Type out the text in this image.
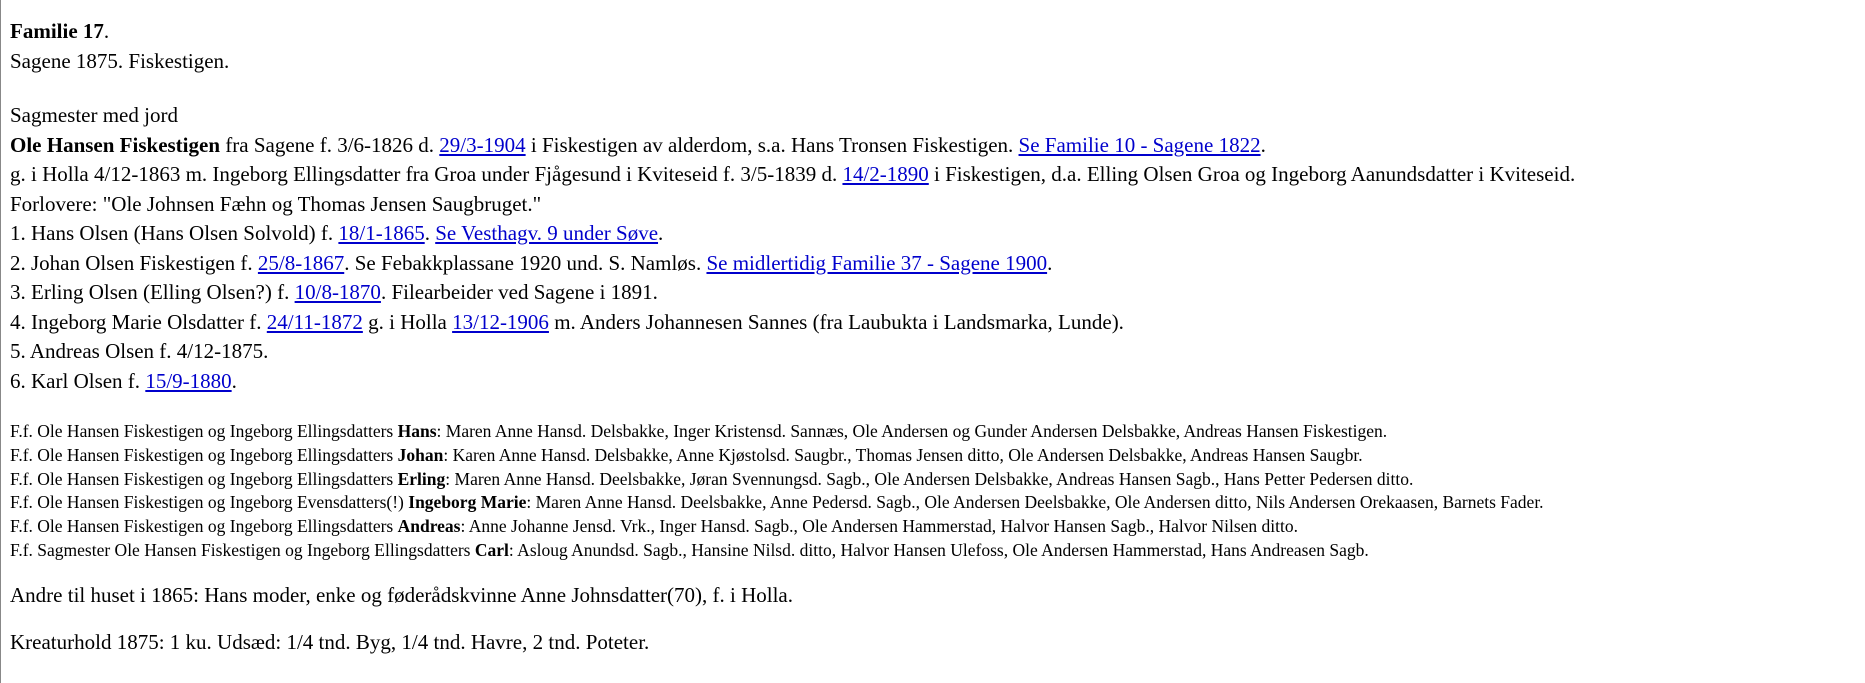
Familie 17.
Sagene 1875. Fiskestigen.
Sagmester med jord
Ole Hansen Fiskestigen fra Sagene f. 3/6-1826 d. 29/3-1904 i Fiskestigen av alderdom, s.a. Hans Tronsen Fiskestigen. Se Familie 10 - Sagene 1822.
g. i Holla 4/12-1863 m. Ingeborg Ellingsdatter fra Groa under Fjågesund i Kviteseid f. 3/5-1839 d. 14/2-1890 i Fiskestigen, d.a. Elling Olsen Groa og Ingeborg Aanundsdatter i Kviteseid.
Forlovere: "Ole Johnsen Fæhn og Thomas Jensen Saugbruget."
1. Hans Olsen (Hans Olsen Solvold) f. 18/1-1865. Se Vesthagv. 9 under Søve.
2. Johan Olsen Fiskestigen f. 25/8-1867. Se Febakkplassane 1920 und. S. Namløs. Se midlertidig Familie 37 - Sagene 1900.
3. Erling Olsen (Elling Olsen?) f. 10/8-1870. Filearbeider ved Sagene i 1891.
4. Ingeborg Marie Olsdatter f. 24/11-1872 g. i Holla 13/12-1906 m. Anders Johannesen Sannes (fra Laubukta i Landsmarka, Lunde).
5. Andreas Olsen f. 4/12-1875.
6. Karl Olsen f. 15/9-1880.
F.f. Ole Hansen Fiskestigen og Ingeborg Ellingsdatters Hans: Maren Anne Hansd. Delsbakke, Inger Kristensd. Sannæs, Ole Andersen og Gunder Andersen Delsbakke, Andreas Hansen Fiskestigen.
F.f. Ole Hansen Fiskestigen og Ingeborg Ellingsdatters Johan: Karen Anne Hansd. Delsbakke, Anne Kjøstolsd. Saugbr., Thomas Jensen ditto, Ole Andersen Delsbakke, Andreas Hansen Saugbr.
F.f. Ole Hansen Fiskestigen og Ingeborg Ellingsdatters Erling: Maren Anne Hansd. Deelsbakke, Jøran Svennungsd. Sagb., Ole Andersen Delsbakke, Andreas Hansen Sagb., Hans Petter Pedersen ditto.
F.f. Ole Hansen Fiskestigen og Ingeborg Evensdatters(!) Ingeborg Marie: Maren Anne Hansd. Deelsbakke, Anne Pedersd. Sagb., Ole Andersen Deelsbakke, Ole Andersen ditto, Nils Andersen Orekaasen, Barnets Fader.
F.f. Ole Hansen Fiskestigen og Ingeborg Ellingsdatters Andreas: Anne Johanne Jensd. Vrk., Inger Hansd. Sagb., Ole Andersen Hammerstad, Halvor Hansen Sagb., Halvor Nilsen ditto.
F.f. Sagmester Ole Hansen Fiskestigen og Ingeborg Ellingsdatters Carl: Asloug Anundsd. Sagb., Hansine Nilsd. ditto, Halvor Hansen Ulefoss, Ole Andersen Hammerstad, Hans Andreasen Sagb.
Andre til huset i 1865: Hans moder, enke og føderådskvinne Anne Johnsdatter(70), f. i Holla.
Kreaturhold 1875: 1 ku. Udsæd: 1/4 tnd. Byg, 1/4 tnd. Havre, 2 tnd. Poteter.
